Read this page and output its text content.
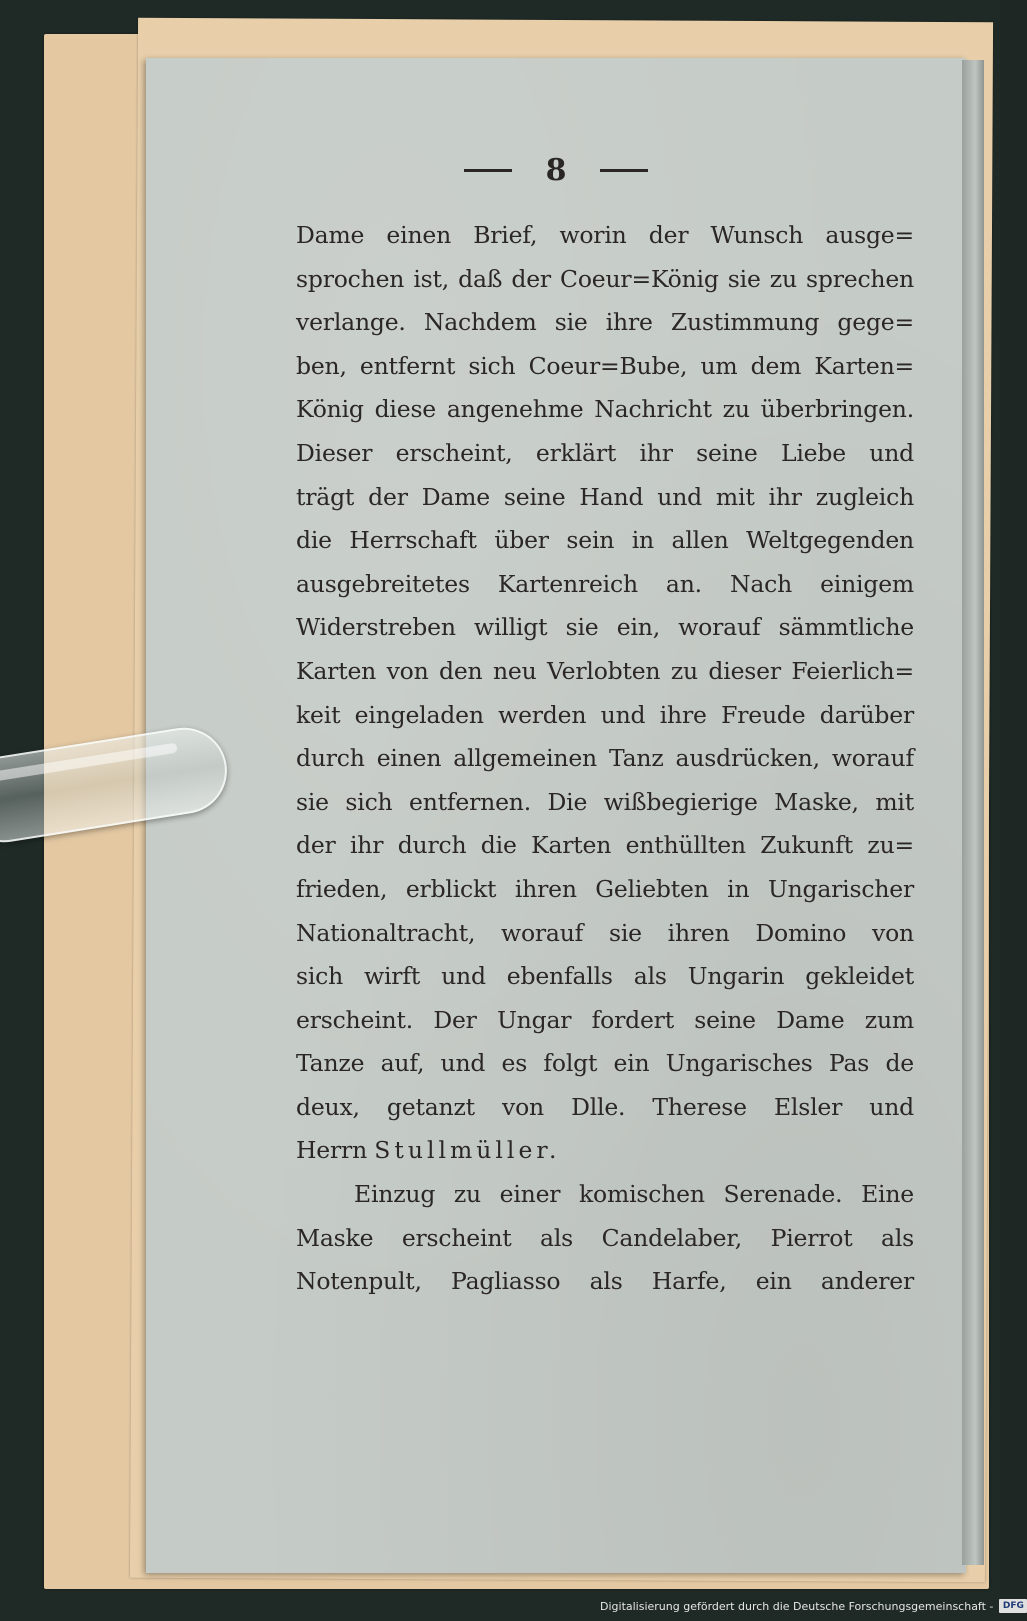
8
Dame einen Brief, worin der Wunsch ausge=
sprochen ist, daß der Coeur=König sie zu sprechen
verlange. Nachdem sie ihre Zustimmung gege=
ben, entfernt sich Coeur=Bube, um dem Karten=
König diese angenehme Nachricht zu überbringen.
Dieser erscheint, erklärt ihr seine Liebe und
trägt der Dame seine Hand und mit ihr zugleich
die Herrschaft über sein in allen Weltgegenden
ausgebreitetes Kartenreich an. Nach einigem
Widerstreben willigt sie ein, worauf sämmtliche
Karten von den neu Verlobten zu dieser Feierlich=
keit eingeladen werden und ihre Freude darüber
durch einen allgemeinen Tanz ausdrücken, worauf
sie sich entfernen. Die wißbegierige Maske, mit
der ihr durch die Karten enthüllten Zukunft zu=
frieden, erblickt ihren Geliebten in Ungarischer
Nationaltracht, worauf sie ihren Domino von
sich wirft und ebenfalls als Ungarin gekleidet
erscheint. Der Ungar fordert seine Dame zum
Tanze auf, und es folgt ein Ungarisches Pas de
deux, getanzt von Dlle. Therese Elsler und
Herrn Stullmüller.
Einzug zu einer komischen Serenade. Eine
Maske erscheint als Candelaber, Pierrot als
Notenpult, Pagliasso als Harfe, ein anderer
Digitalisierung gefördert durch die Deutsche Forschungsgemeinschaft -	DFG
